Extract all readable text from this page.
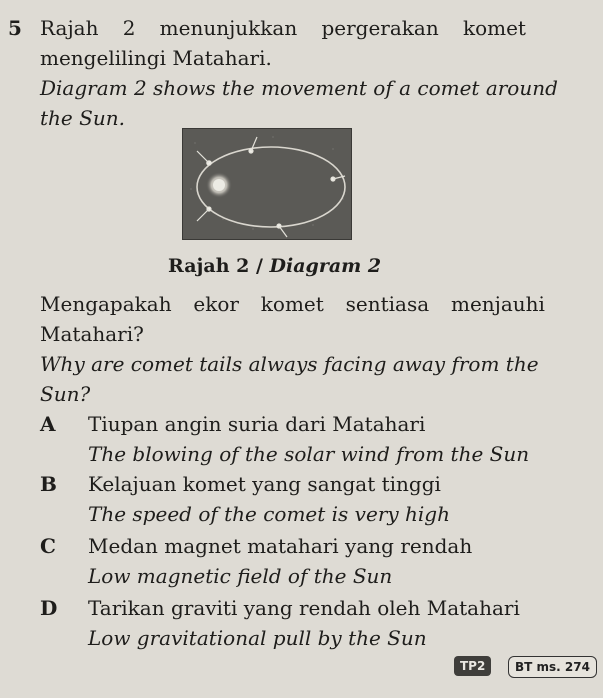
5 Rajah 2 menunjukkan pergerakan komet
mengelilingi Matahari.
Diagram 2 shows the movement of a comet around
the Sun.
Rajah 2 / Diagram 2
Mengapakah ekor komet sentiasa menjauhi
Matahari?
Why are comet tails always facing away from the
Sun?
A Tiupan angin suria dari Matahari
The blowing of the solar wind from the Sun
B Kelajuan komet yang sangat tinggi
The speed of the comet is very high
C Medan magnet matahari yang rendah
Low magnetic field of the Sun
D Tarikan graviti yang rendah oleh Matahari
Low gravitational pull by the Sun
TP2	BT ms. 274
